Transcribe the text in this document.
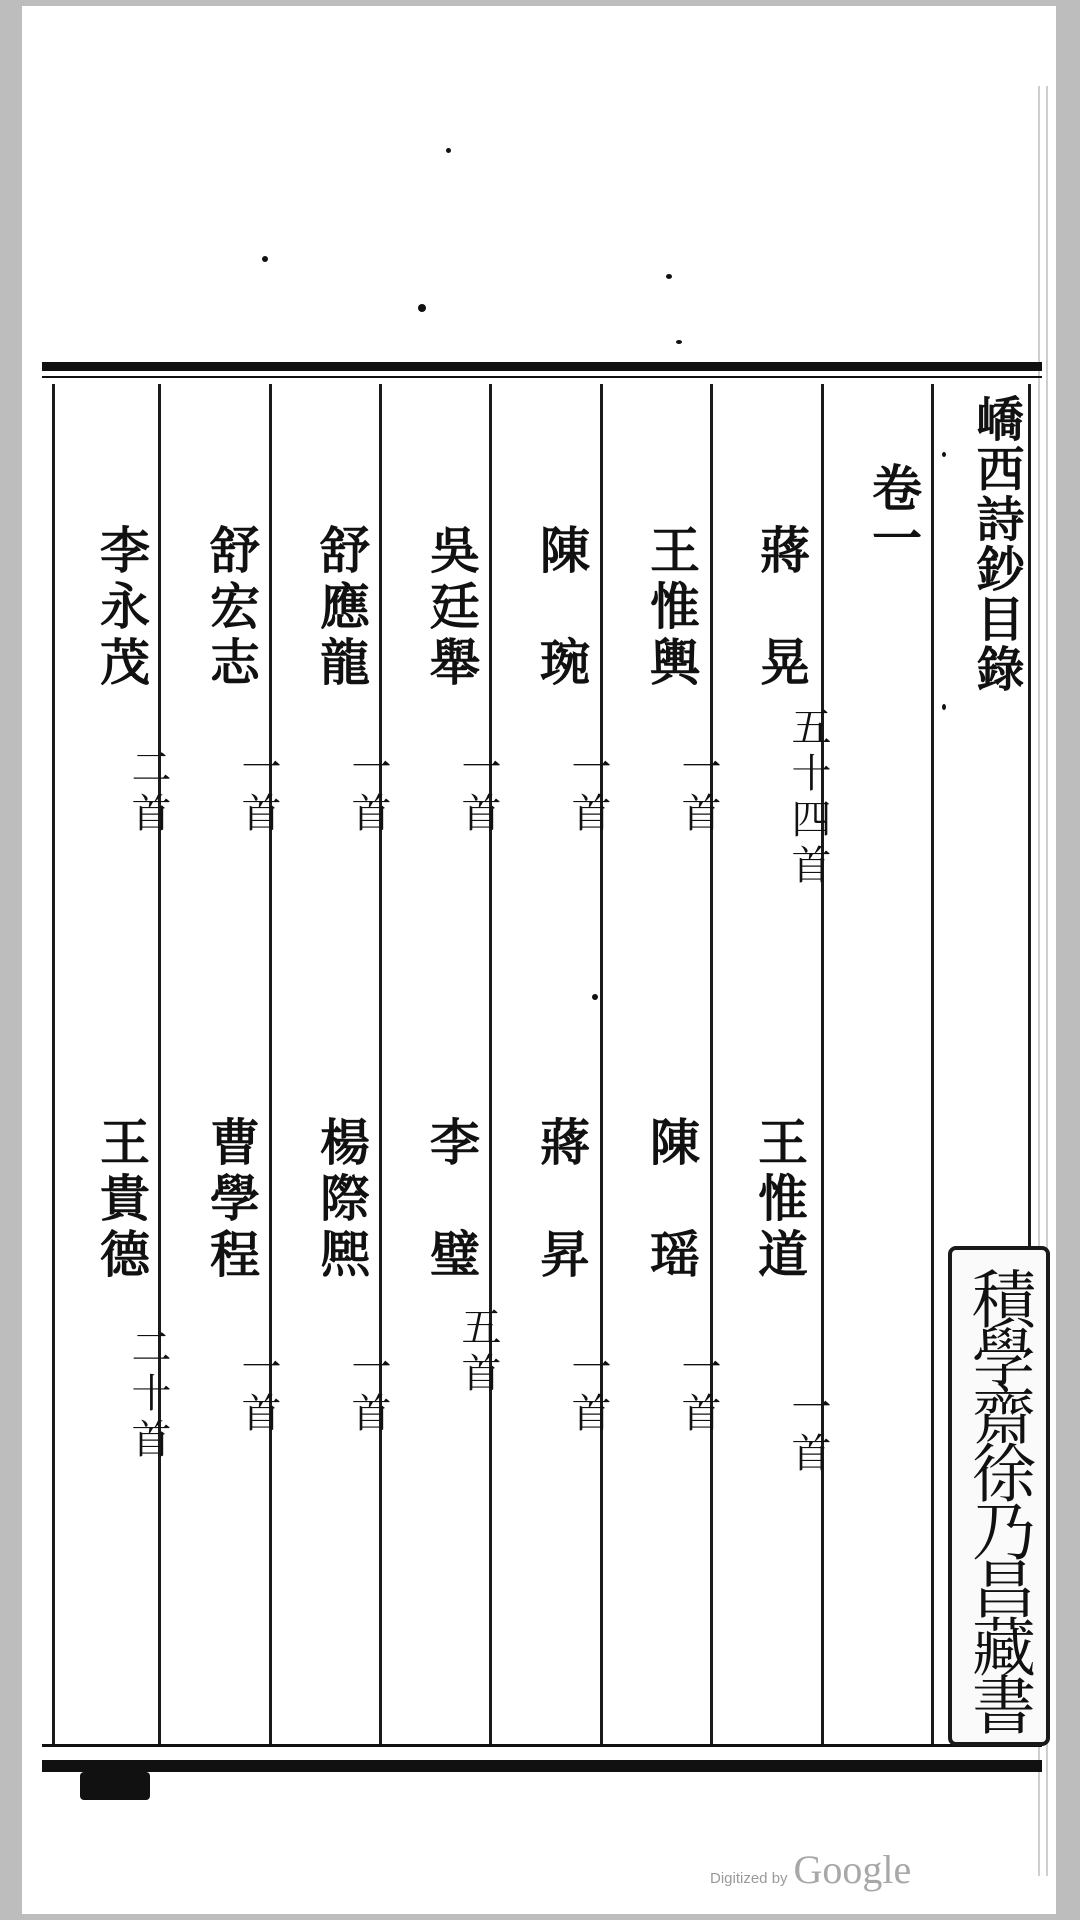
嶠西詩鈔目錄
卷一
蔣　晃
五十四首
王惟道
一首
王惟輿
一首
陳　瑶
一首
陳　琬
一首
蔣　昇
一首
吳廷舉
一首
李　璧
五首
舒應龍
一首
楊際熈
一首
舒宏志
一首
曹學程
一首
李永茂
二首
王貴德
二十首	積學齋徐乃昌藏書
Digitized by Google
